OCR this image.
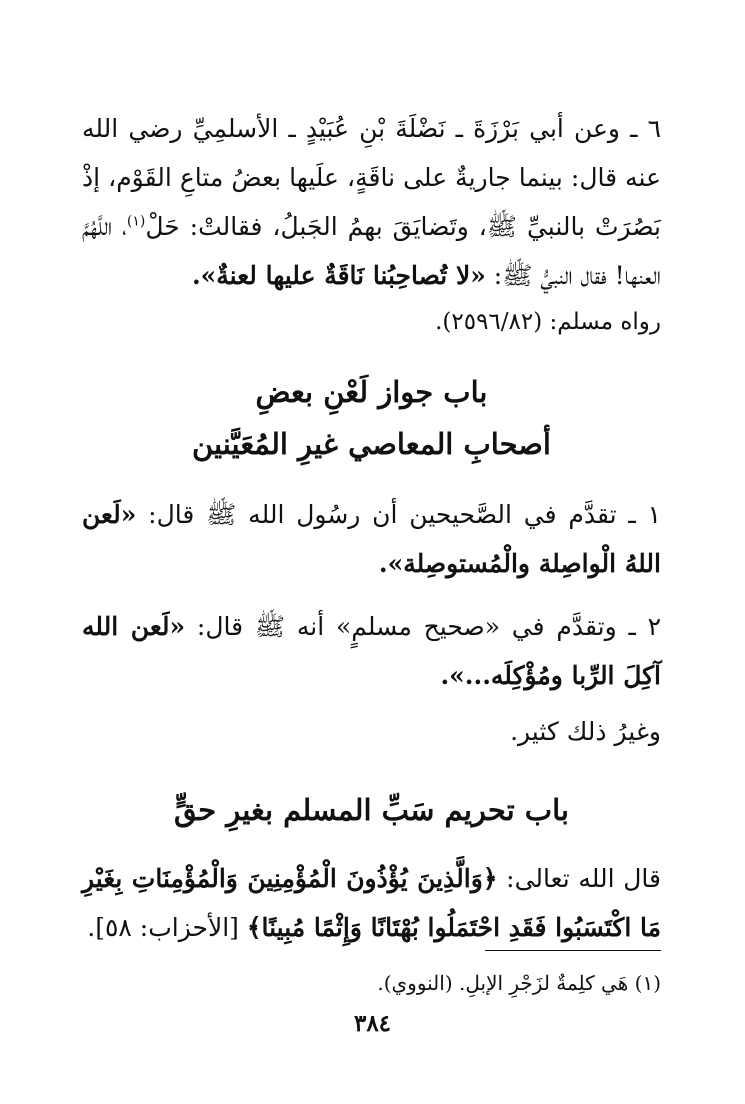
٦ ـ وعن أبي بَرْزَةَ ـ نَضْلَةَ بْنِ عُبَيْدٍ ـ الأسلمِيِّ رضي الله عنه قال: بينما جاريةٌ على ناقَةٍ، علَيها بعضُ متاعِ القَوْم، إذْ بَصُرَتْ بالنبيِّ ﷺ، وتَضايَقَ بهمُ الجَبلُ، فقالتْ: حَلْ$^{(١)}$، اللَّهُمَّ العنها! فقال النبيُّ ﷺ: «لا تُصاحِبُنا نَاقَةٌ عليها لعنةٌ».

رواه مسلم: (٢٥٩٦/٨٢).

باب جواز لَعْنِ بعضِ

أصحابِ المعاصي غيرِ المُعَيَّنين

١ ـ تقدَّم في الصَّحيحين أن رسُول الله ﷺ قال: «لَعن اللهُ الْواصِلة والْمُستوصِلة».

٢ ـ وتقدَّم في «صحيح مسلمٍ» أنه ﷺ قال: «لَعن الله آكِلَ الرِّبا ومُؤْكِلَه...».

وغيرُ ذلك كثير.

باب تحريم سَبِّ المسلم بغيرِ حقٍّ

قال الله تعالى: ﴿وَالَّذِينَ يُؤْذُونَ الْمُؤْمِنِينَ وَالْمُؤْمِنَاتِ بِغَيْرِ مَا اكْتَسَبُوا فَقَدِ احْتَمَلُوا بُهْتَانًا وَإِثْمًا مُبِينًا﴾ [الأحزاب: ٥٨].

(١) هَي كلِمةٌ لزَجْرِ الإبلِ. (النووي).

٣٨٤
